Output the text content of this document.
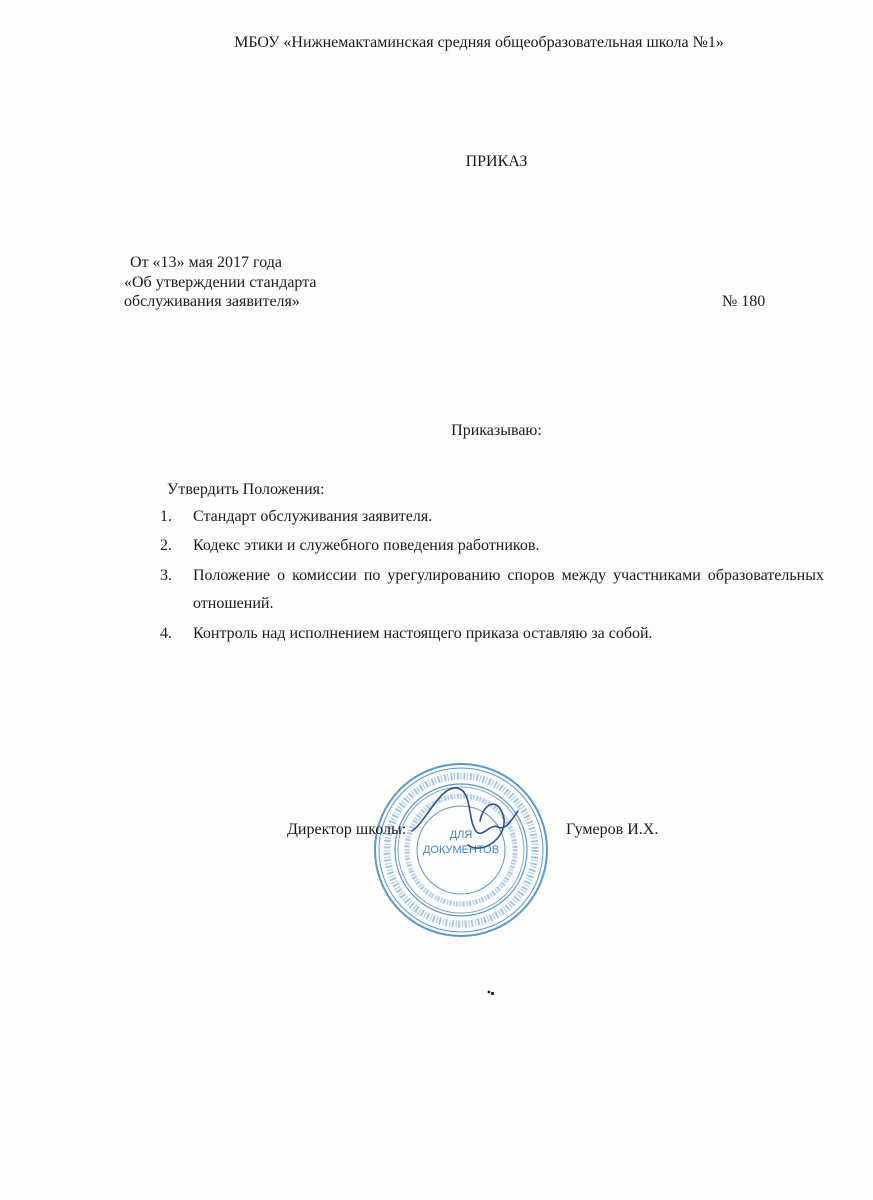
МБОУ «Нижнемактаминская средняя общеобразовательная школа №1»
ПРИКАЗ
От «13» мая 2017 года
«Об утверждении стандарта
обслуживания заявителя»	№ 180
Приказываю:
Утвердить Положения:
1. Стандарт обслуживания заявителя.
2. Кодекс этики и служебного поведения работников.
3. Положение о комиссии по урегулированию споров между участниками образовательных отношений.
4. Контроль над исполнением настоящего приказа оставляю за собой.
ДЛЯ
ДОКУМЕНТОВ
Директор школы:	Гумеров И.Х.
